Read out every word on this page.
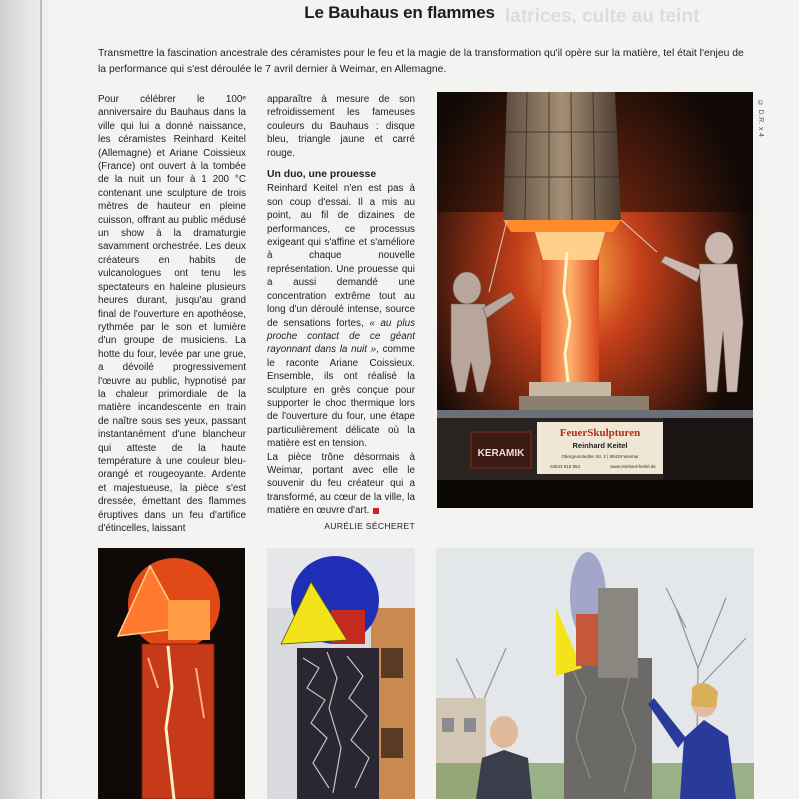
latrices, culte au teint
Le Bauhaus en flammes

Transmettre la fascination ancestrale des céramistes pour le feu et la magie de la transformation qu'il opère sur la matière, tel était l'enjeu de la performance qui s'est déroulée le 7 avril dernier à Weimar, en Allemagne.

Pour célébrer le 100ᵉ anniversaire du Bauhaus dans la ville qui lui a donné naissance, les céramistes Reinhard Keitel (Allemagne) et Ariane Coissieux (France) ont ouvert à la tombée de la nuit un four à 1 200 °C contenant une sculpture de trois mètres de hauteur en pleine cuisson, offrant au public médusé un show à la dramaturgie savamment orchestrée. Les deux créateurs en habits de vulcanologues ont tenu les spectateurs en haleine plusieurs heures durant, jusqu'au grand final de l'ouverture en apothéose, rythmée par le son et lumière d'un groupe de musiciens. La hotte du four, levée par une grue, a dévoilé progressivement l'œuvre au public, hypnotisé par la chaleur primordiale de la matière incandescente en train de naître sous ses yeux, passant instantanément d'une blancheur qui atteste de la haute température à une couleur bleu-orangé et rougeoyante. Ardente et majestueuse, la pièce s'est dressée, émettant des flammes éruptives dans un feu d'artifice d'étincelles, laissant

apparaître à mesure de son refroidissement les fameuses couleurs du Bauhaus : disque bleu, triangle jaune et carré rouge.

Un duo, une prouesse

Reinhard Keitel n'en est pas à son coup d'essai. Il a mis au point, au fil de dizaines de performances, ce processus exigeant qui s'affine et s'améliore à chaque nouvelle représentation. Une prouesse qui a aussi demandé une concentration extrême tout au long d'un déroulé intense, source de sensations fortes, « au plus proche contact de ce géant rayonnant dans la nuit », comme le raconte Ariane Coissieux. Ensemble, ils ont réalisé la sculpture en grès conçue pour supporter le choc thermique lors de l'ouverture du four, une étape particulièrement délicate où la matière est en tension.

La pièce trône désormais à Weimar, portant avec elle le souvenir du feu créateur qui a transformé, au cœur de la ville, la matière en œuvre d'art.

AURÉLIE SÉCHERET

© D.R. x 4
KERAMIK
FeuerSkulpturen
Reinhard Keitel
Obergrunstedter Str. 2 | 99428 Weimar
03643 519 853	www.reinhard-keitel.de
